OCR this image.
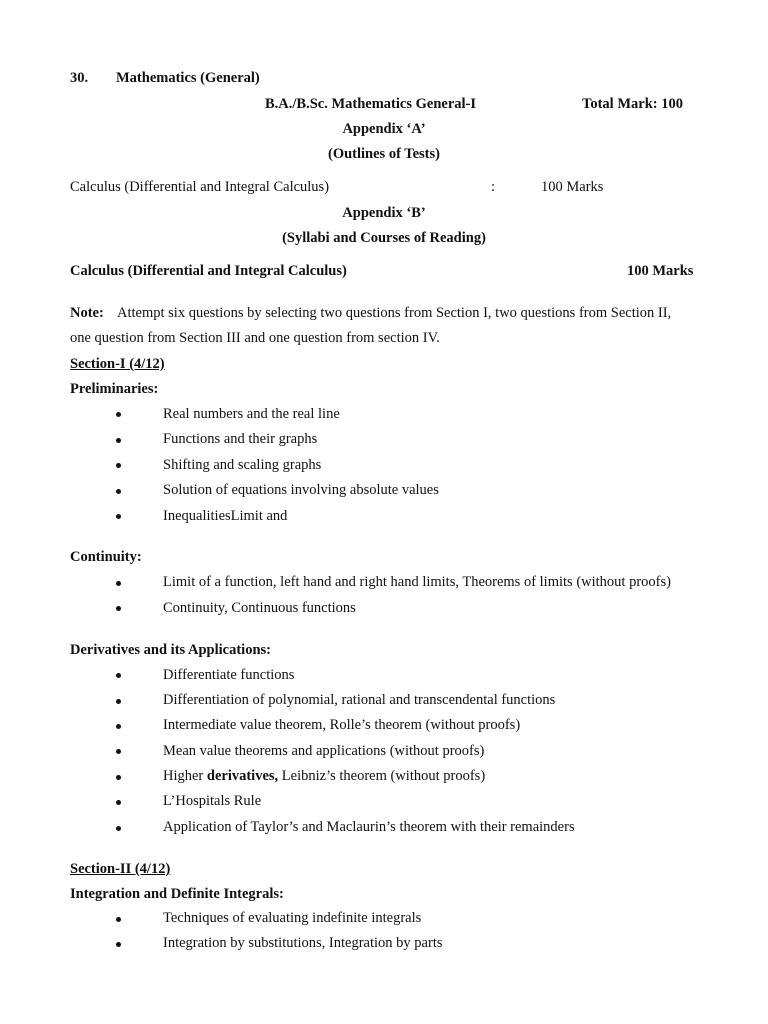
30. Mathematics (General)
B.A./B.Sc. Mathematics General-I	Total Mark: 100
Appendix ‘A’
(Outlines of Tests)
Calculus (Differential and Integral Calculus)	:	100 Marks
Appendix ‘B’
(Syllabi and Courses of Reading)
Calculus (Differential and Integral Calculus)	100 Marks
Note: Attempt six questions by selecting two questions from Section I, two questions from Section II,
one question from Section III and one question from section IV.
Section-I (4/12)
Preliminaries:
Real numbers and the real line
Functions and their graphs
Shifting and scaling graphs
Solution of equations involving absolute values
InequalitiesLimit and
Continuity:
Limit of a function, left hand and right hand limits, Theorems of limits (without proofs)
Continuity, Continuous functions
Derivatives and its Applications:
Differentiate functions
Differentiation of polynomial, rational and transcendental functions
Intermediate value theorem, Rolle’s theorem (without proofs)
Mean value theorems and applications (without proofs)
Higher derivatives, Leibniz’s theorem (without proofs)
L’Hospitals Rule
Application of Taylor’s and Maclaurin’s theorem with their remainders
Section-II (4/12)
Integration and Definite Integrals:
Techniques of evaluating indefinite integrals
Integration by substitutions, Integration by parts
